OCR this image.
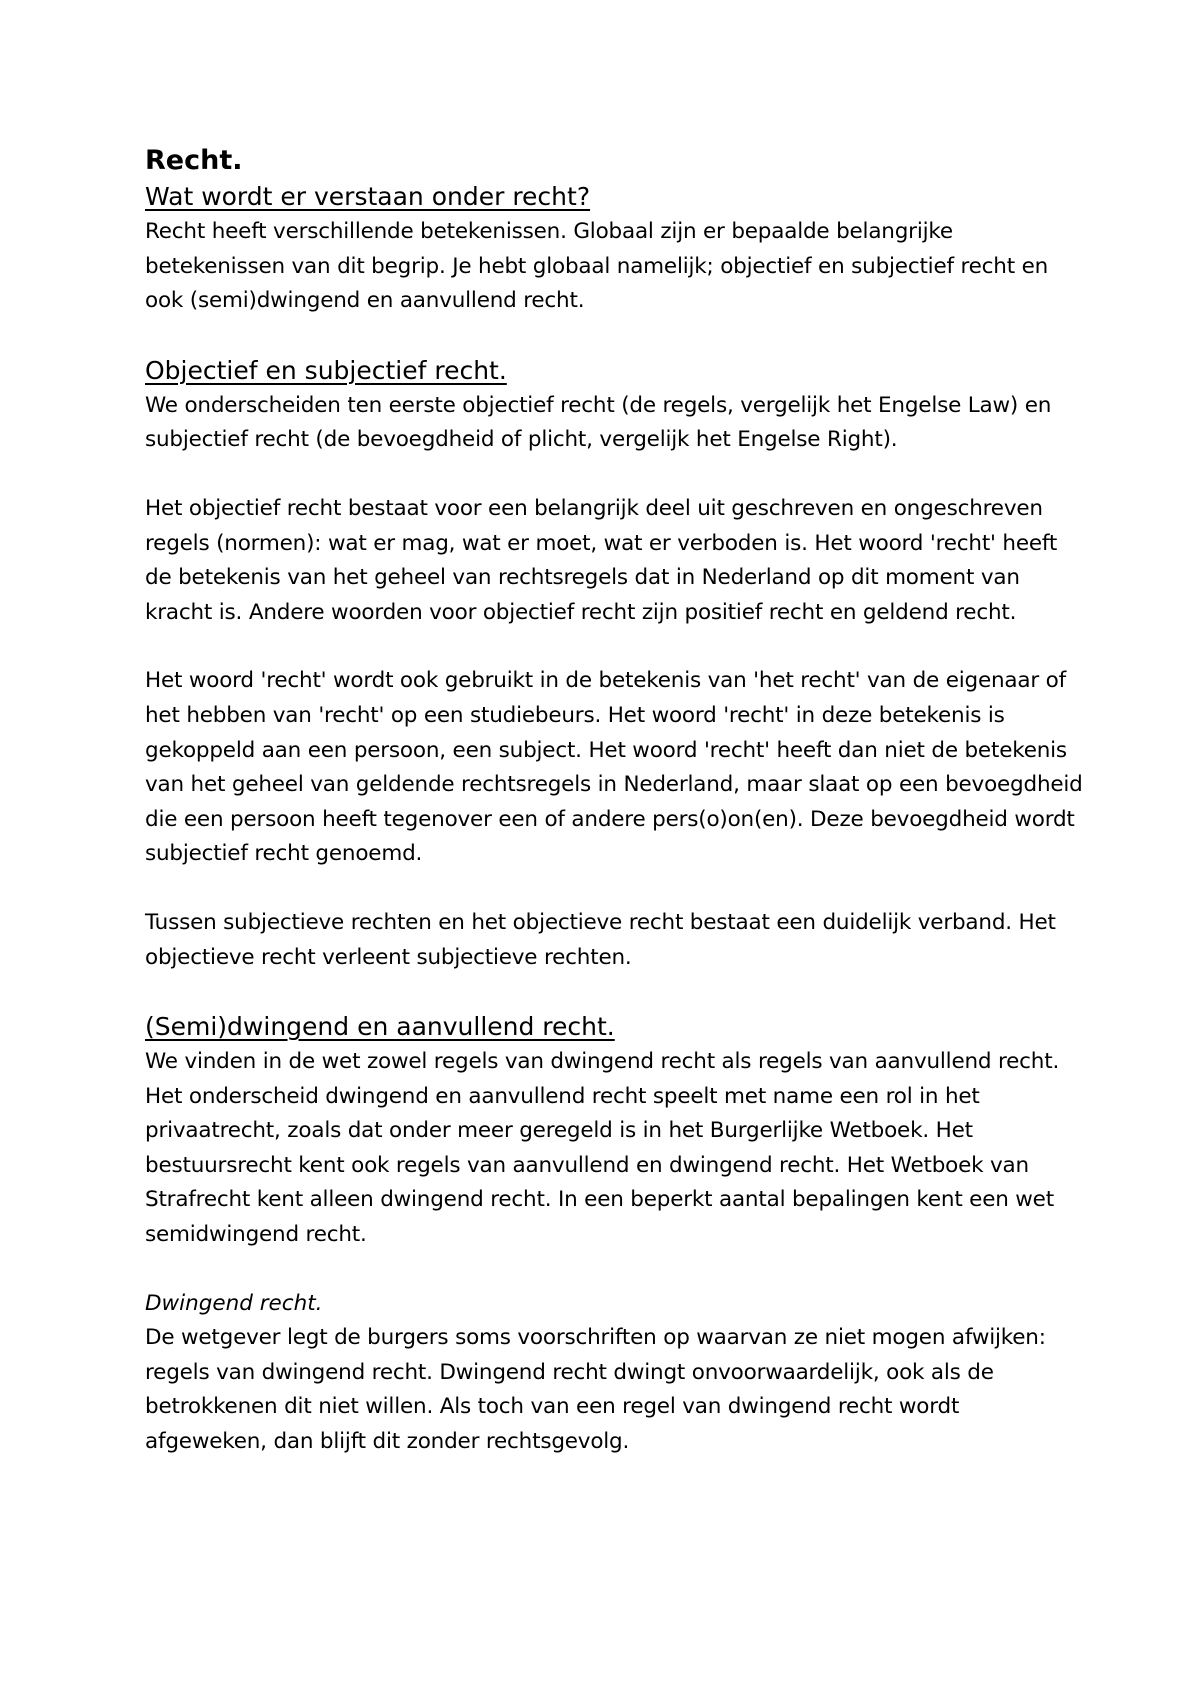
Recht.
Wat wordt er verstaan onder recht?

Recht heeft verschillende betekenissen. Globaal zijn er bepaalde belangrijke betekenissen van dit begrip. Je hebt globaal namelijk; objectief en subjectief recht en ook (semi)dwingend en aanvullend recht.

Objectief en subjectief recht.

We onderscheiden ten eerste objectief recht (de regels, vergelijk het Engelse Law) en subjectief recht (de bevoegdheid of plicht, vergelijk het Engelse Right).

Het objectief recht bestaat voor een belangrijk deel uit geschreven en ongeschreven regels (normen): wat er mag, wat er moet, wat er verboden is. Het woord 'recht' heeft de betekenis van het geheel van rechtsregels dat in Nederland op dit moment van kracht is. Andere woorden voor objectief recht zijn positief recht en geldend recht.

Het woord 'recht' wordt ook gebruikt in de betekenis van 'het recht' van de eigenaar of het hebben van 'recht' op een studiebeurs. Het woord 'recht' in deze betekenis is gekoppeld aan een persoon, een subject. Het woord 'recht' heeft dan niet de betekenis van het geheel van geldende rechtsregels in Nederland, maar slaat op een bevoegdheid die een persoon heeft tegenover een of andere pers(o)on(en). Deze bevoegdheid wordt subjectief recht genoemd.

Tussen subjectieve rechten en het objectieve recht bestaat een duidelijk verband. Het objectieve recht verleent subjectieve rechten.

(Semi)dwingend en aanvullend recht.

We vinden in de wet zowel regels van dwingend recht als regels van aanvullend recht. Het onderscheid dwingend en aanvullend recht speelt met name een rol in het privaatrecht, zoals dat onder meer geregeld is in het Burgerlijke Wetboek. Het bestuursrecht kent ook regels van aanvullend en dwingend recht. Het Wetboek van Strafrecht kent alleen dwingend recht. In een beperkt aantal bepalingen kent een wet semidwingend recht.

Dwingend recht.

De wetgever legt de burgers soms voorschriften op waarvan ze niet mogen afwijken: regels van dwingend recht. Dwingend recht dwingt onvoorwaardelijk, ook als de betrokkenen dit niet willen. Als toch van een regel van dwingend recht wordt afgeweken, dan blijft dit zonder rechtsgevolg.
